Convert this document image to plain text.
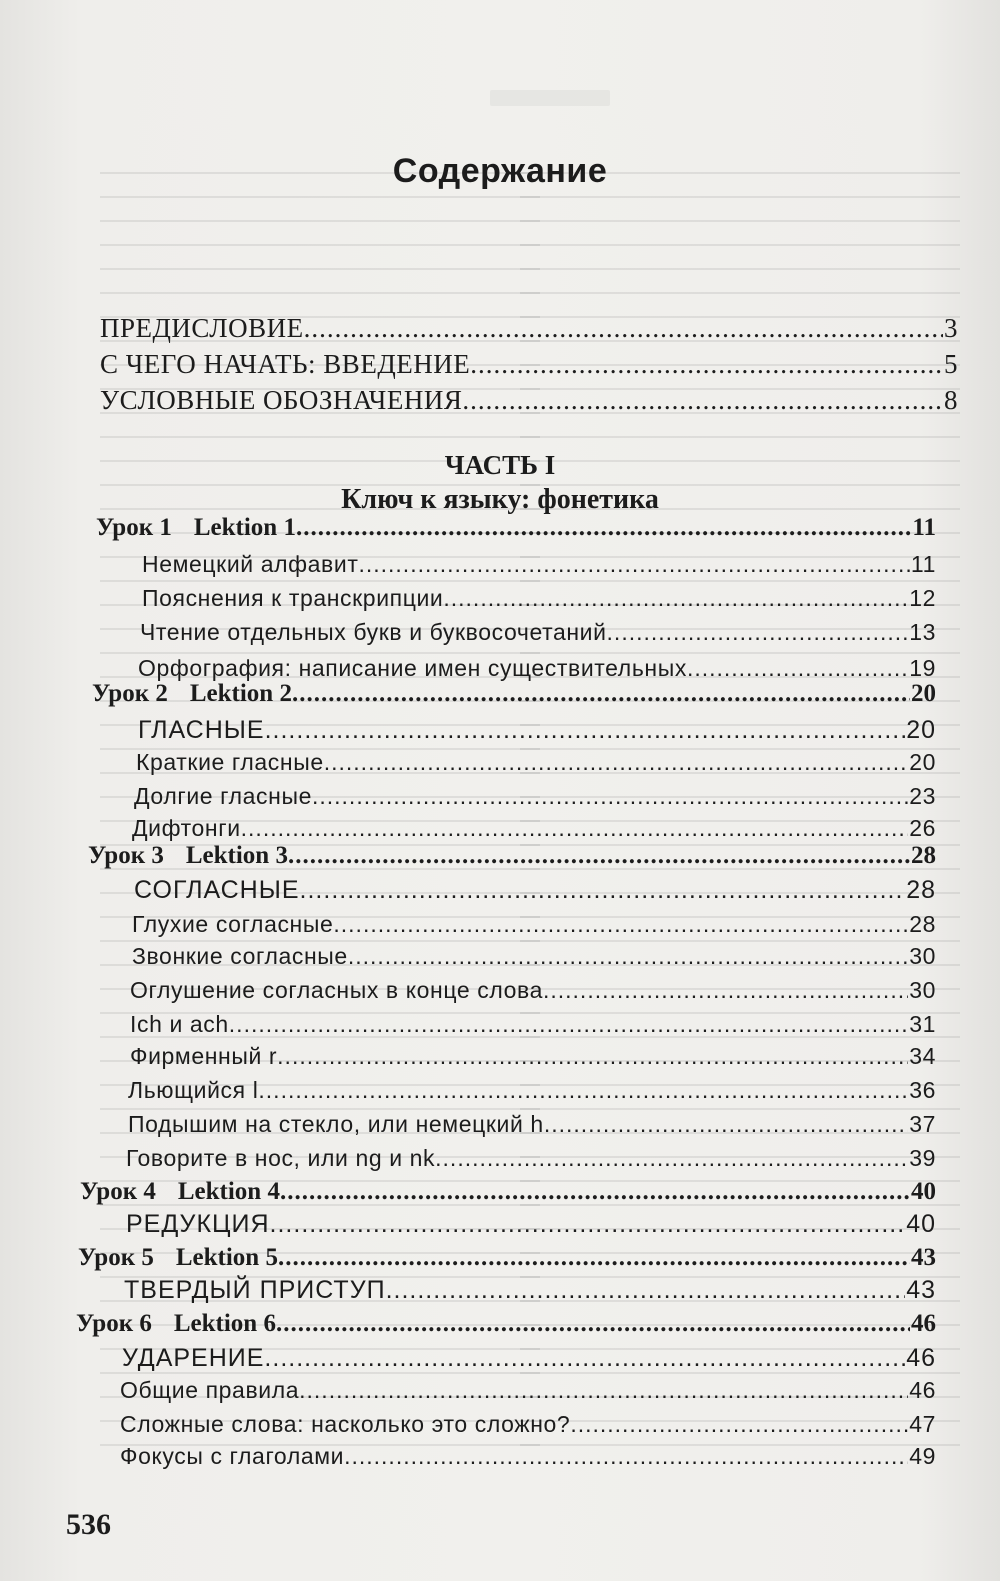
Содержание
ПРЕДИСЛОВИЕ .....	3
С ЧЕГО НАЧАТЬ: ВВЕДЕНИЕ .....	5
УСЛОВНЫЕ ОБОЗНАЧЕНИЯ .....	8
ЧАСТЬ I
Ключ к языку: фонетика
Урок 1 Lektion 1 .....	11
Немецкий алфавит .....	11
Пояснения к транскрипции .....	12
Чтение отдельных букв и буквосочетаний .....	13
Орфография: написание имен существительных .....	19
Урок 2 Lektion 2 .....	20
ГЛАСНЫЕ .....	20
Краткие гласные .....	20
Долгие гласные .....	23
Дифтонги .....	26
Урок 3 Lektion 3 .....	28
СОГЛАСНЫЕ .....	28
Глухие согласные .....	28
Звонкие согласные .....	30
Оглушение согласных в конце слова .....	30
Ich и ach .....	31
Фирменный r .....	34
Льющийся l .....	36
Подышим на стекло, или немецкий h .....	37
Говорите в нос, или ng и nk .....	39
Урок 4 Lektion 4 .....	40
РЕДУКЦИЯ .....	40
Урок 5 Lektion 5 .....	43
ТВЕРДЫЙ ПРИСТУП .....	43
Урок 6 Lektion 6 .....	46
УДАРЕНИЕ .....	46
Общие правила .....	46
Сложные слова: насколько это сложно? .....	47
Фокусы с глаголами .....	49
536
